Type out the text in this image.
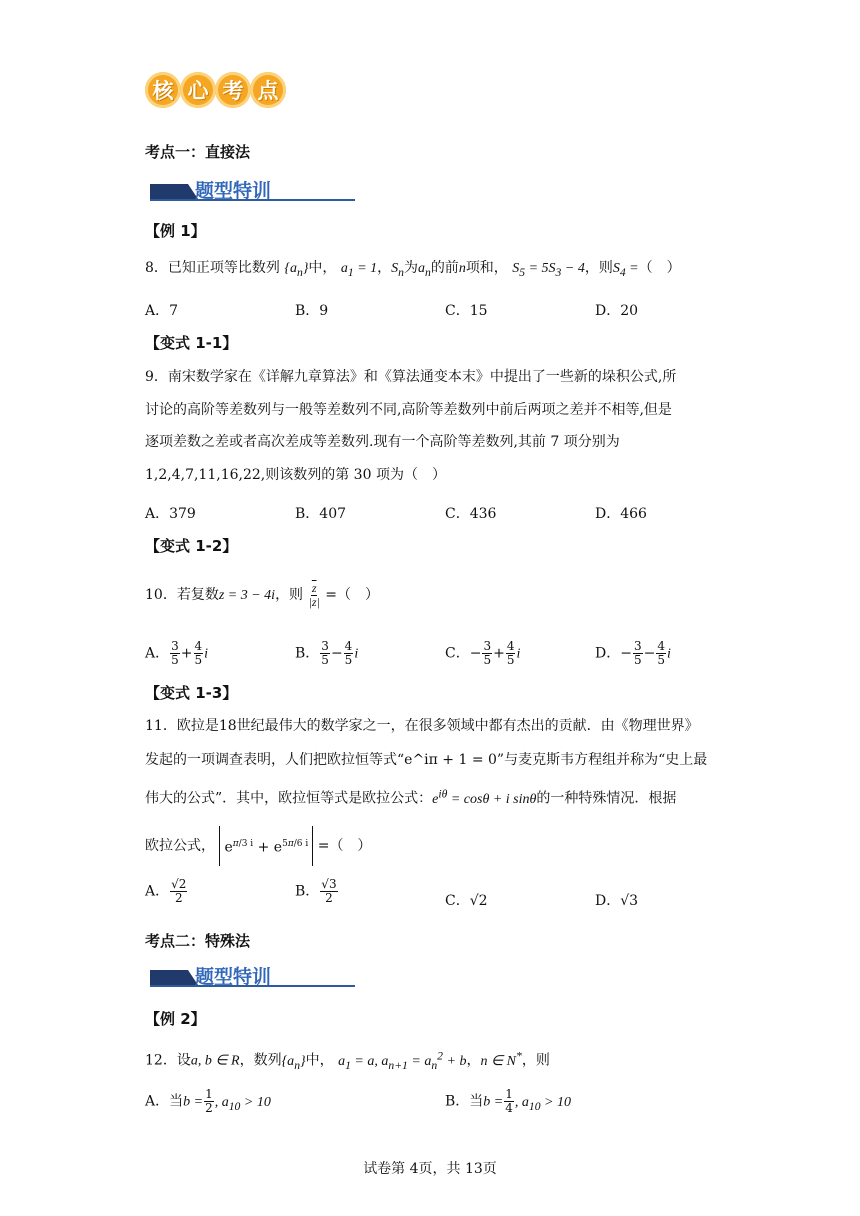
核 心 考 点
考点一：直接法
题型特训
【例 1】
8．已知正项等比数列 $\{a_n\}$中， $a_1 = 1$，$S_n$为$a_n$的前n项和， $S_5 = 5S_3 - 4$，则$S_4$ =（　）
A．7	B．9	C．15	D．20
【变式 1-1】
9．南宋数学家在《详解九章算法》和《算法通变本末》中提出了一些新的垛积公式,所
讨论的高阶等差数列与一般等差数列不同,高阶等差数列中前后两项之差并不相等,但是
逐项差数之差或者高次差成等差数列.现有一个高阶等差数列,其前 7 项分别为
1,2,4,7,11,16,22,则该数列的第 30 项为（　）
A．379	B．407	C．436	D．466
【变式 1-2】
10．若复数z = 3 − 4i，则 $\frac{\overline{z}}{|z|}$ =（　）
A． $\frac{3}{5} + \frac{4}{5}$ i	B． $\frac{3}{5} - \frac{4}{5}$ i	C．− $\frac{3}{5} + \frac{4}{5}$ i	D．− $\frac{3}{5} - \frac{4}{5}$ i
【变式 1-3】
11．欧拉是18世纪最伟大的数学家之一，在很多领域中都有杰出的贡献．由《物理世界》
发起的一项调查表明，人们把欧拉恒等式“e^iπ + 1 = 0”与麦克斯韦方程组并称为“史上最
伟大的公式”．其中，欧拉恒等式是欧拉公式：$e^{i\theta} = \cos\theta + i$ sinθ的一种特殊情况．根据
欧拉公式， $e^{\pi/3 i} + e^{5\pi/6 i}$ =（　）
A． $\frac{√2}{2}$	B． $\frac{√3}{2}$	C．√2	D．√3
考点二：特殊法
题型特训
【例 2】
12．设a, b ∈ R，数列$\{a_n\}$中， $a_1 = a$, $a_{n+1} = a_n^2 + b$，n ∈ N*，则
A．当$b = \frac{1}{2}$ , $a_{10} > 10$	B．当$b = \frac{1}{4}$ , $a_{10} > 10$
试卷第 4页，共 13页
